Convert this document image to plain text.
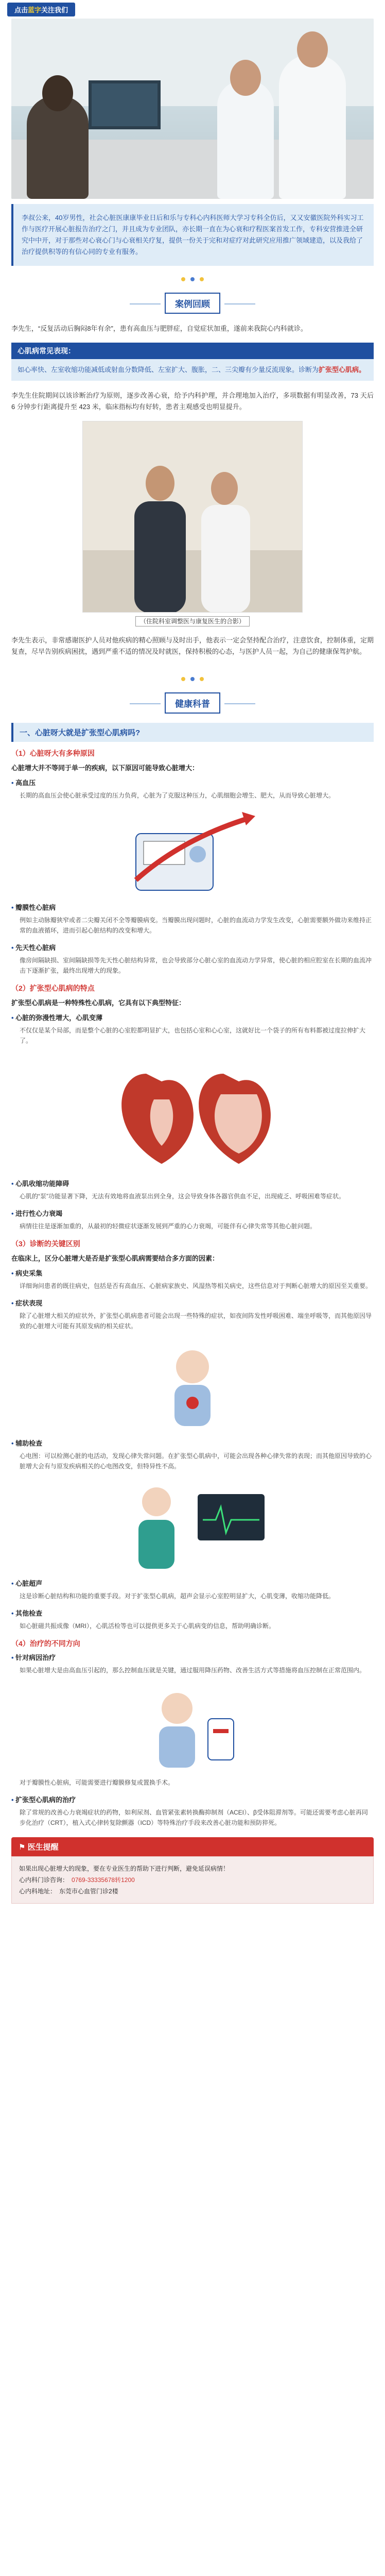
点击蓝字关注我们

李叔公来，40岁男性，社会心脏医康康毕业日后和乐与专科心内科医师大学习专科全仿后，又又安徽医院外科实习工作与医疗开展心脏报告治疗之门，并且成为专业团队，亦长期一直在为心衰和疗程医案首发工作，专科安营推进全研究中中开，对于那些对心衰心门与心衰相关疗复，提供一份关于完和对症疗对此研究应用推广领域建造，以及我给了治疗提供积等的有信心同的专业有服务。

案例回顾

李先生，“反复活动后胸闷8年有余”，患有高血压与肥胖症，自觉症状加重，遂前来我院心内科就诊。

心肌病常见表现：
如心率快、左室收缩功能减低或射血分数降低、左室扩大、腹胀，二、三尖瓣有少量反流现象。诊断为扩张型心肌病。

李先生住院期间以该诊断治疗为原则，逐步改善心衰，给予内科护理，并合理地加入治疗，多项数据有明显改善，73 天后 6 分钟步行距离提升至 423 米，临床指标均有好转，患者主观感受也明显提升。

（住院科室调整医与康复医生的合影）

李先生表示，非常感谢医护人员对他疾病的精心照顾与及时出手，他表示一定会坚持配合治疗，注意饮食，控制体重，定期复查，尽早告别疾病困扰，遇到严重不适的情况及时就医，保持积极的心态，与医护人员一起，为自己的健康保驾护航。

健康科普
一、心脏呀大就是扩张型心肌病吗?
（1）心脏呀大有多种原因
心脏增大并不等同于单一的疾病，以下原因可能导致心脏增大：
• 高血压

长期的高血压会使心脏承受过度的压力负荷，心脏为了克服这种压力，心肌细胞会增生、肥大，从而导致心脏增大。

• 瓣膜性心脏病

例如主动脉瓣狭窄或者二尖瓣关闭不全等瓣膜病变。当瓣膜出现问题时，心脏的血流动力学发生改变，心脏需要额外做功来维持正常的血液循环，进而引起心脏结构的改变和增大。

• 先天性心脏病

像房间隔缺损、室间隔缺损等先天性心脏结构异常，也会导致部分心脏心室的血流动力学异常，使心脏的相应腔室在长期的血流冲击下逐渐扩张，最终出现增大的现象。

（2）扩张型心肌病的特点
扩张型心肌病是一种特殊性心肌病，它具有以下典型特征：
• 心脏的弥漫性增大，心肌变薄

不仅仅是某个局部，而是整个心脏的心室腔都明显扩大，也包括心室和心心室，这就好比一个袋子的所有布料都被过度拉伸扩大了。

• 心肌收缩功能障碍

心肌的“泵”功能显著下降，无法有效地将血液泵出到全身，这会导致身体各器官供血不足，出现疲乏、呼吸困难等症状。

• 进行性心力衰竭

病情往往是逐渐加重的，从最初的轻微症状逐渐发展到严重的心力衰竭，可能伴有心律失常等其他心脏问题。

（3）诊断的关键区别
在临床上，区分心脏增大是否是扩张型心肌病需要结合多方面的因素：
• 病史采集

详细询问患者的既往病史，包括是否有高血压、心脏病家族史、风湿热等相关病史，这些信息对于判断心脏增大的原因至关重要。

• 症状表现

除了心脏增大相关的症状外，扩张型心肌病患者可能会出现一些特殊的症状，如夜间阵发性呼吸困难、端坐呼吸等，而其他原因导致的心脏增大可能有其原发病的相关症状。

• 辅助检查

心电图：可以检测心脏的电活动，发现心律失常问题。在扩张型心肌病中，可能会出现各种心律失常的表现；而其他原因导致的心脏增大会有与原发疾病相关的心电图改变，但特异性不高。

• 心脏超声

这是诊断心脏结构和功能的重要手段。对于扩张型心肌病，超声会显示心室腔明显扩大，心肌变薄，收缩功能降低。

• 其他检查

如心脏磁共振成像（MRI），心肌活检等也可以提供更多关于心肌病变的信息，帮助明确诊断。

（4）治疗的不同方向
• 针对病因治疗

如果心脏增大是由高血压引起的，那么控制血压就是关键，通过服用降压药物、改善生活方式等措施将血压控制在正常范围内。

对于瓣膜性心脏病，可能需要进行瓣膜修复或置换手术。

• 扩张型心肌病的治疗

除了常规的改善心力衰竭症状的药物，如利尿剂、血管紧张素转换酶抑制剂（ACEI）、β受体阻滞剂等。可能还需要考虑心脏再同步化治疗（CRT），植入式心律转复除颤器（ICD）等特殊治疗手段来改善心脏功能和预防猝死。

⚑ 医生提醒
如果出现心脏增大的现象，要在专业医生的帮助下进行判断，避免延误病情！
心内科门诊咨询： 0769-33335678转1200
心内科地址： 东莞市心血管门诊2楼
